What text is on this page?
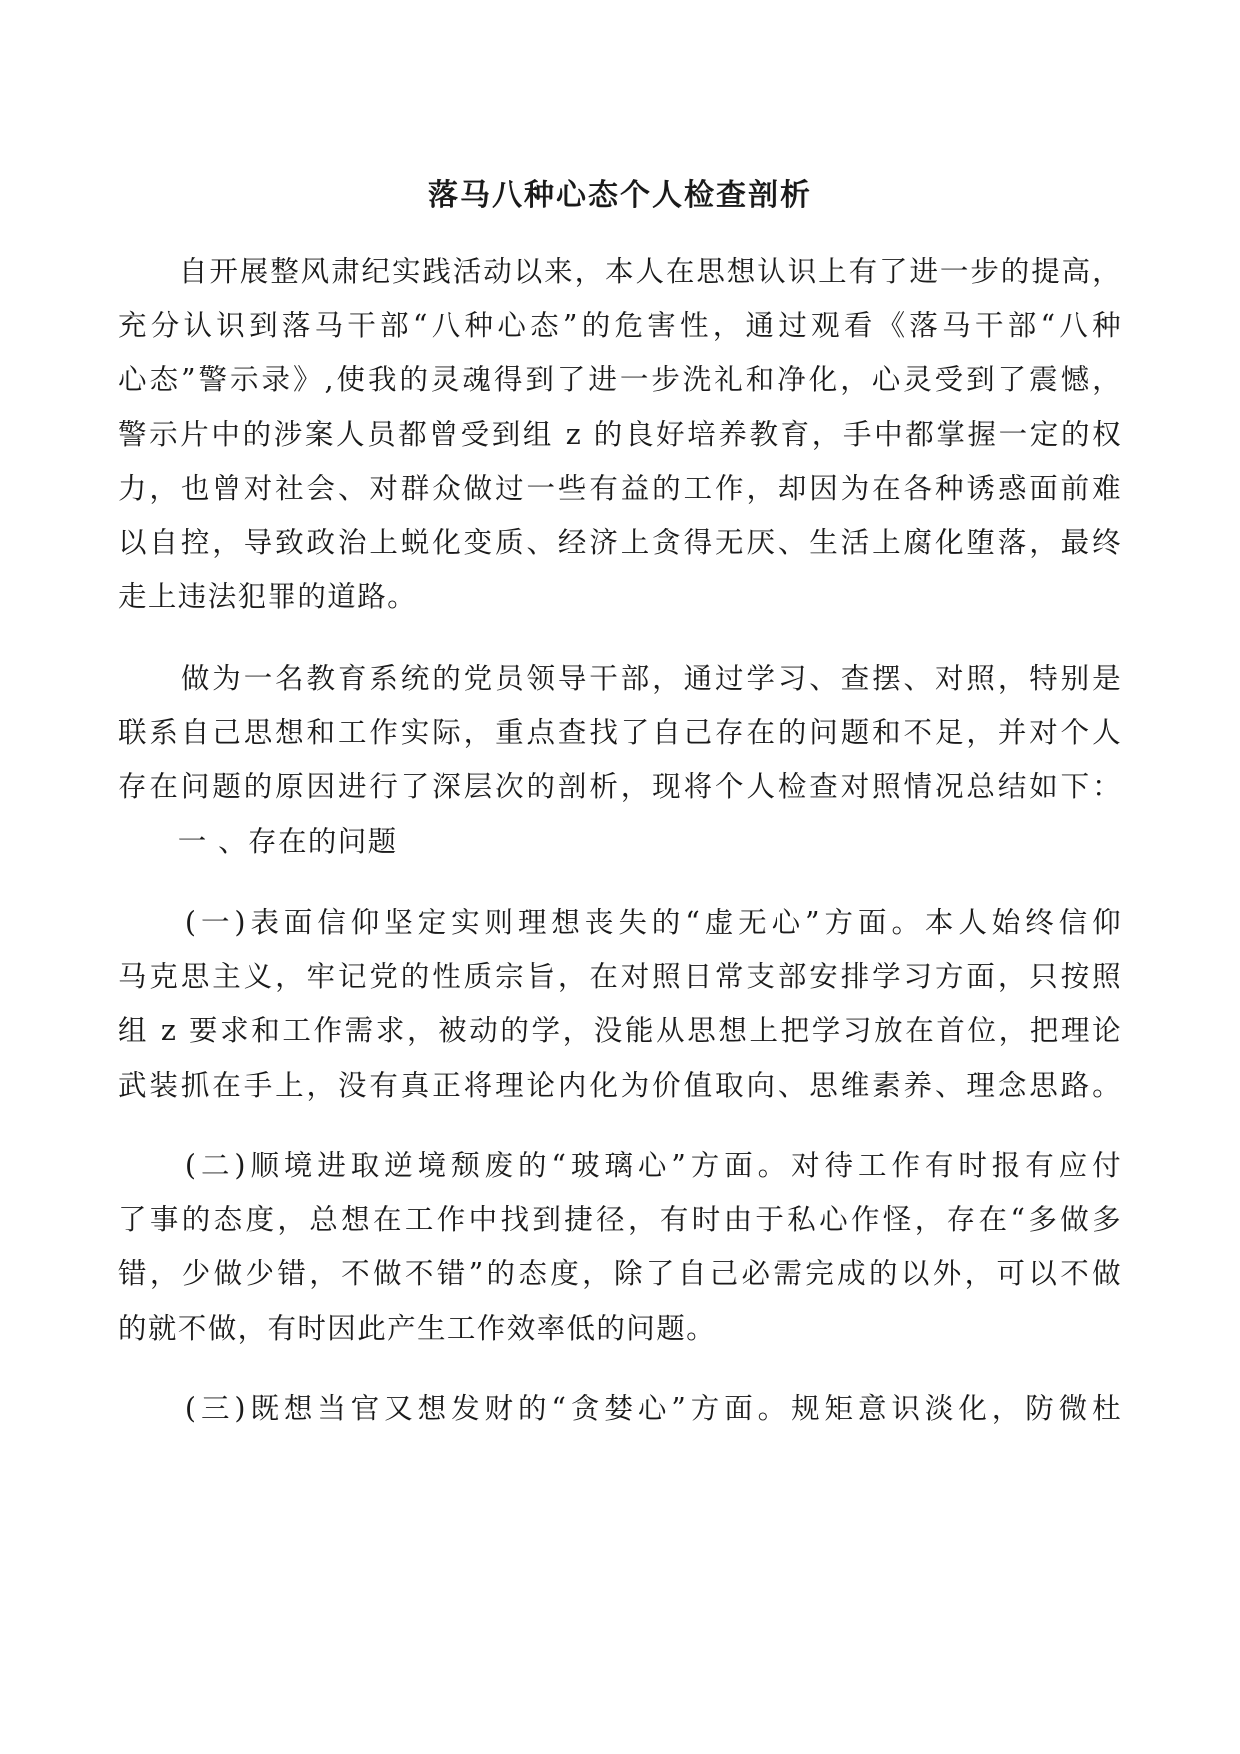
落马八种心态个人检查剖析

　　自开展整风肃纪实践活动以来，本人在思想认识上有了进一步的提高，
充分认识到落马干部“八种心态”的危害性，通过观看《落马干部“八种
心态”警示录》,使我的灵魂得到了进一步洗礼和净化，心灵受到了震憾，
警示片中的涉案人员都曾受到组 z 的良好培养教育，手中都掌握一定的权
力，也曾对社会、对群众做过一些有益的工作，却因为在各种诱惑面前难
以自控，导致政治上蜕化变质、经济上贪得无厌、生活上腐化堕落，最终
走上违法犯罪的道路。

　　做为一名教育系统的党员领导干部，通过学习、查摆、对照，特别是
联系自己思想和工作实际，重点查找了自己存在的问题和不足，并对个人
存在问题的原因进行了深层次的剖析，现将个人检查对照情况总结如下：

　　一 、存在的问题

　　(一)表面信仰坚定实则理想丧失的“虚无心”方面。本人始终信仰
马克思主义，牢记党的性质宗旨，在对照日常支部安排学习方面，只按照
组 z 要求和工作需求，被动的学，没能从思想上把学习放在首位，把理论
武装抓在手上，没有真正将理论内化为价值取向、思维素养、理念思路。

　　(二)顺境进取逆境颓废的“玻璃心”方面。对待工作有时报有应付
了事的态度，总想在工作中找到捷径，有时由于私心作怪，存在“多做多
错，少做少错，不做不错”的态度，除了自己必需完成的以外，可以不做
的就不做，有时因此产生工作效率低的问题。

　　(三)既想当官又想发财的“贪婪心”方面。规矩意识淡化，防微杜
